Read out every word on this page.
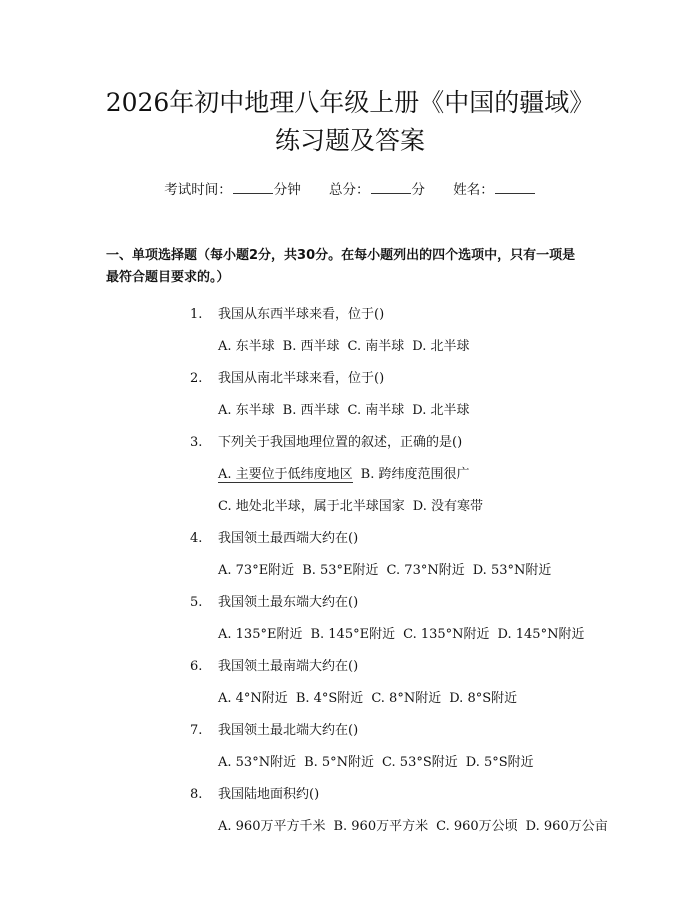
2026年初中地理八年级上册《中国的疆域》
练习题及答案
考试时间：	分钟 总分：	分 姓名：
一、单项选择题（每小题2分，共30分。在每小题列出的四个选项中，只有一项是最符合题目要求的。）
1. 我国从东西半球来看，位于()
A. 东半球 B. 西半球 C. 南半球 D. 北半球
2. 我国从南北半球来看，位于()
A. 东半球 B. 西半球 C. 南半球 D. 北半球
3. 下列关于我国地理位置的叙述，正确的是()
A. 主要位于低纬度地区 B. 跨纬度范围很广
C. 地处北半球，属于北半球国家 D. 没有寒带
4. 我国领土最西端大约在()
A. 73°E附近 B. 53°E附近 C. 73°N附近 D. 53°N附近
5. 我国领土最东端大约在()
A. 135°E附近 B. 145°E附近 C. 135°N附近 D. 145°N附近
6. 我国领土最南端大约在()
A. 4°N附近 B. 4°S附近 C. 8°N附近 D. 8°S附近
7. 我国领土最北端大约在()
A. 53°N附近 B. 5°N附近 C. 53°S附近 D. 5°S附近
8. 我国陆地面积约()
A. 960万平方千米 B. 960万平方米 C. 960万公顷 D. 960万公亩
